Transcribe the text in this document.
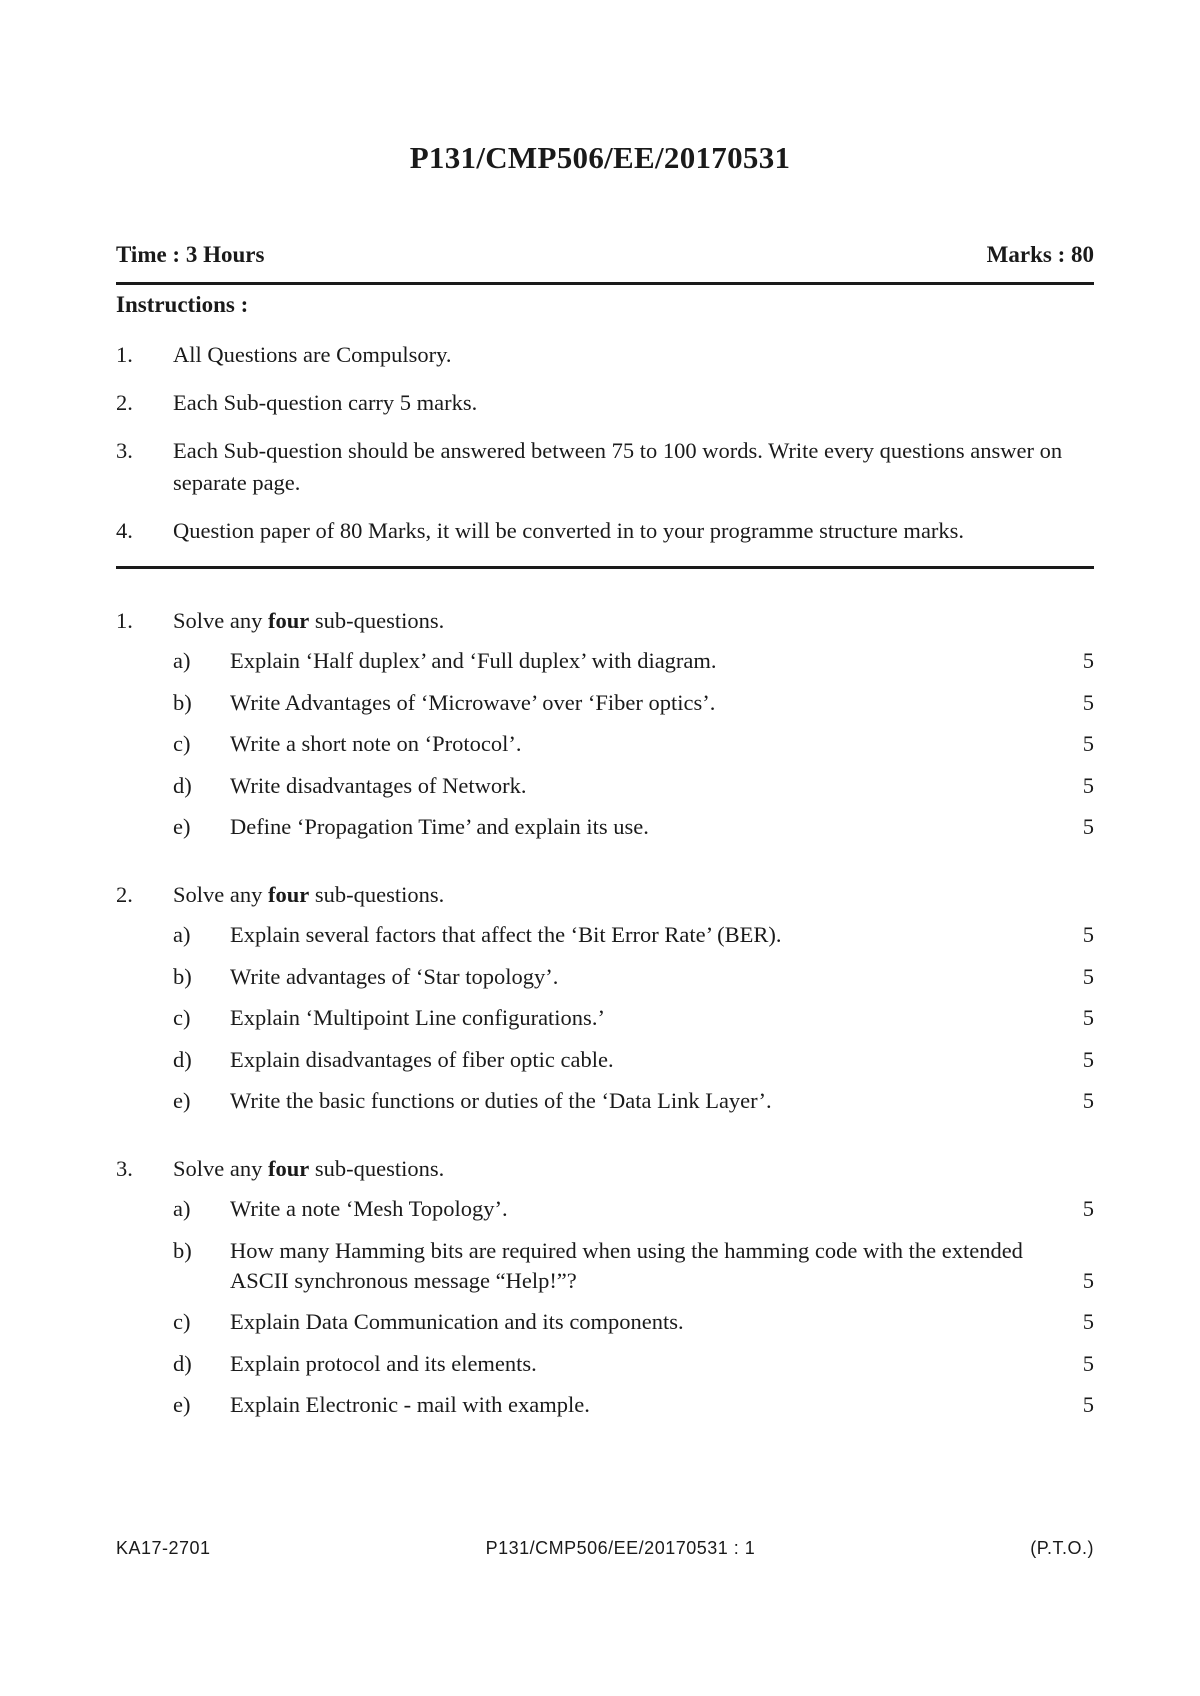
P131/CMP506/EE/20170531
Time : 3 Hours	Marks : 80
Instructions :
1.	All Questions are Compulsory.
2.	Each Sub-question carry 5 marks.
3.	Each Sub-question should be answered between 75 to 100 words. Write every questions answer on separate page.
4.	Question paper of 80 Marks, it will be converted in to your programme structure marks.
1.	Solve any four sub-questions.
a)	Explain ‘Half duplex’ and ‘Full duplex’ with diagram.	5
b)	Write Advantages of ‘Microwave’ over ‘Fiber optics’.	5
c)	Write a short note on ‘Protocol’.	5
d)	Write disadvantages of Network.	5
e)	Define ‘Propagation Time’ and explain its use.	5
2.	Solve any four sub-questions.
a)	Explain several factors that affect the ‘Bit Error Rate’ (BER).	5
b)	Write advantages of ‘Star topology’.	5
c)	Explain ‘Multipoint Line configurations.’	5
d)	Explain disadvantages of fiber optic cable.	5
e)	Write the basic functions or duties of the ‘Data Link Layer’.	5
3.	Solve any four sub-questions.
a)	Write a note ‘Mesh Topology’.	5
b)	How many Hamming bits are required when using the hamming code with the extended ASCII synchronous message “Help!”?	5
c)	Explain Data Communication and its components.	5
d)	Explain protocol and its elements.	5
e)	Explain Electronic - mail with example.	5
KA17-2701	P131/CMP506/EE/20170531 : 1	(P.T.O.)
